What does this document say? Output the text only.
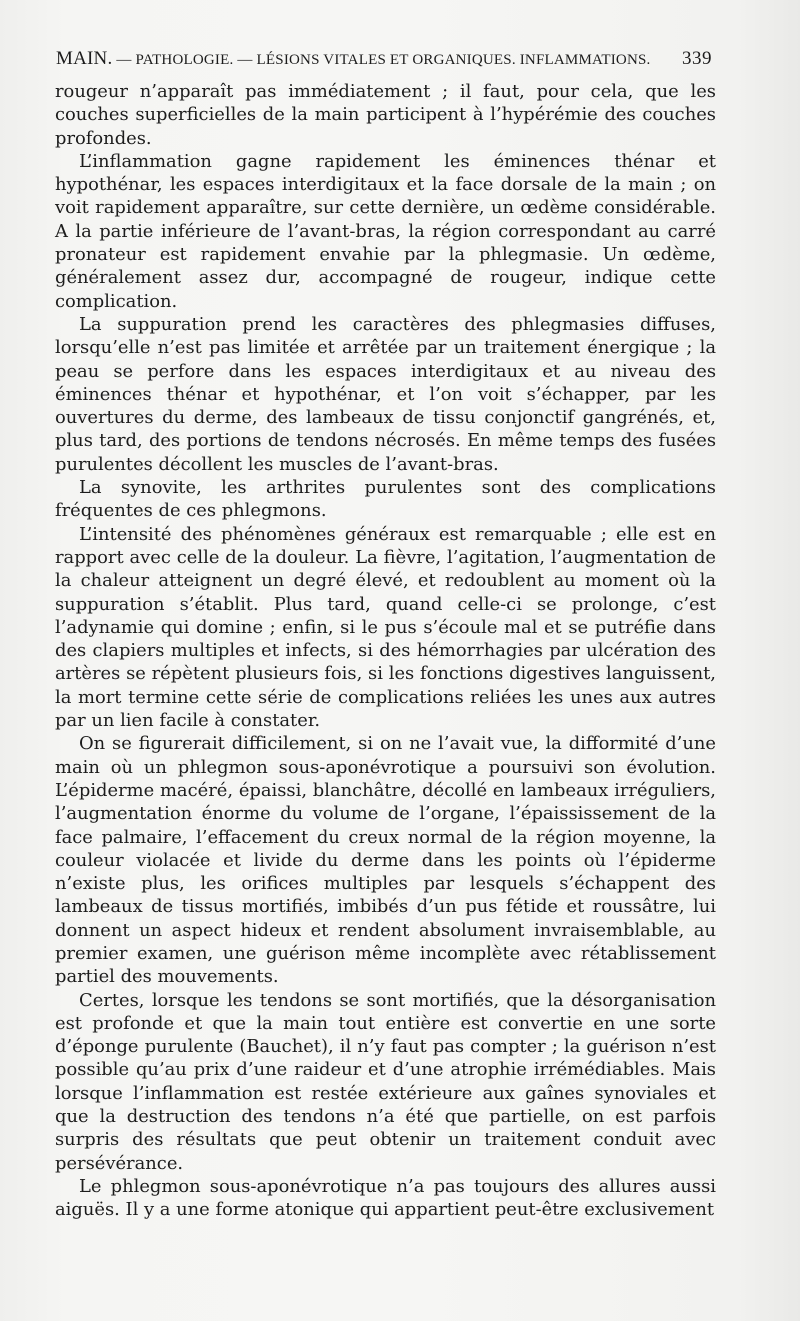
MAIN. — PATHOLOGIE. — LÉSIONS VITALES ET ORGANIQUES. INFLAMMATIONS. 339

rougeur n’apparaît pas immédiatement ; il faut, pour cela, que les couches superficielles de la main participent à l’hypérémie des couches profondes.

L’inflammation gagne rapidement les éminences thénar et hypothénar, les espaces interdigitaux et la face dorsale de la main ; on voit rapidement apparaître, sur cette dernière, un œdème considérable. A la partie inférieure de l’avant-bras, la région correspondant au carré pronateur est rapidement envahie par la phlegmasie. Un œdème, généralement assez dur, accompagné de rougeur, indique cette complication.

La suppuration prend les caractères des phlegmasies diffuses, lorsqu’elle n’est pas limitée et arrêtée par un traitement énergique ; la peau se perfore dans les espaces interdigitaux et au niveau des éminences thénar et hypothénar, et l’on voit s’échapper, par les ouvertures du derme, des lambeaux de tissu conjonctif gangrénés, et, plus tard, des portions de tendons nécrosés. En même temps des fusées purulentes décollent les muscles de l’avant-bras.

La synovite, les arthrites purulentes sont des complications fréquentes de ces phlegmons.

L’intensité des phénomènes généraux est remarquable ; elle est en rapport avec celle de la douleur. La fièvre, l’agitation, l’augmentation de la chaleur atteignent un degré élevé, et redoublent au moment où la suppuration s’établit. Plus tard, quand celle-ci se prolonge, c’est l’adynamie qui domine ; enfin, si le pus s’écoule mal et se putréfie dans des clapiers multiples et infects, si des hémorrhagies par ulcération des artères se répètent plusieurs fois, si les fonctions digestives languissent, la mort termine cette série de complications reliées les unes aux autres par un lien facile à constater.

On se figurerait difficilement, si on ne l’avait vue, la difformité d’une main où un phlegmon sous-aponévrotique a poursuivi son évolution. L’épiderme macéré, épaissi, blanchâtre, décollé en lambeaux irréguliers, l’augmentation énorme du volume de l’organe, l’épaississement de la face palmaire, l’effacement du creux normal de la région moyenne, la couleur violacée et livide du derme dans les points où l’épiderme n’existe plus, les orifices multiples par lesquels s’échappent des lambeaux de tissus mortifiés, imbibés d’un pus fétide et roussâtre, lui donnent un aspect hideux et rendent absolument invraisemblable, au premier examen, une guérison même incomplète avec rétablissement partiel des mouvements.

Certes, lorsque les tendons se sont mortifiés, que la désorganisation est profonde et que la main tout entière est convertie en une sorte d’éponge purulente (Bauchet), il n’y faut pas compter ; la guérison n’est possible qu’au prix d’une raideur et d’une atrophie irrémédiables. Mais lorsque l’inflammation est restée extérieure aux gaînes synoviales et que la destruction des tendons n’a été que partielle, on est parfois surpris des résultats que peut obtenir un traitement conduit avec persévérance.

Le phlegmon sous-aponévrotique n’a pas toujours des allures aussi aiguës. Il y a une forme atonique qui appartient peut-être exclusivement
